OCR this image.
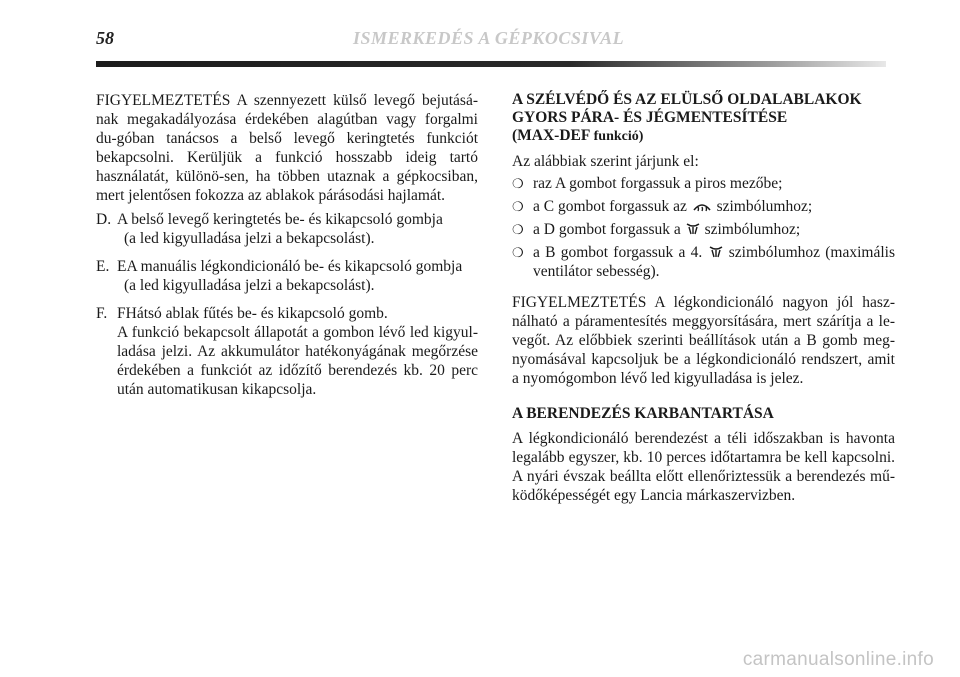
58	ISMERKEDÉS A GÉPKOCSIVAL

FIGYELMEZTETÉS A szennyezett külső levegő bejutásá-nak megakadályozása érdekében alagútban vagy forgalmi du-góban tanácsos a belső levegő keringtetés funkciót bekapcsolni. Kerüljük a funkció hosszabb ideig tartó használatát, különö-sen, ha többen utaznak a gépkocsiban, mert jelentősen fokozza az ablakok párásodási hajlamát.

D. A belső levegő keringtetés be- és kikapcsoló gombja
(a led kigyulladása jelzi a bekapcsolást).
E. EA manuális légkondicionáló be- és kikapcsoló gombja
(a led kigyulladása jelzi a bekapcsolást).
F. FHátsó ablak fűtés be- és kikapcsoló gomb.
A funkció bekapcsolt állapotát a gombon lévő led kigyul-ladása jelzi. Az akkumulátor hatékonyágának megőrzése érdekében a funkciót az időzítő berendezés kb. 20 perc után automatikusan kikapcsolja.
A SZÉLVÉDŐ ÉS AZ ELÜLSŐ OLDALABLAKOK
GYORS PÁRA- ÉS JÉGMENTESÍTÉSE
(MAX-DEF funkció)

Az alábbiak szerint járjunk el:

❍ raz A gombot forgassuk a piros mezőbe;
❍ a C gombot forgassuk az szimbólumhoz;
❍ a D gombot forgassuk a szimbólumhoz;
❍ a B gombot forgassuk a 4. szimbólumhoz (maximális ventilátor sebesség).

FIGYELMEZTETÉS A légkondicionáló nagyon jól hasz-nálható a páramentesítés meggyorsítására, mert szárítja a le-vegőt. Az előbbiek szerinti beállítások után a B gomb meg-nyomásával kapcsoljuk be a légkondicionáló rendszert, amit a nyomógombon lévő led kigyulladása is jelez.

A BERENDEZÉS KARBANTARTÁSA

A légkondicionáló berendezést a téli időszakban is havonta legalább egyszer, kb. 10 perces időtartamra be kell kapcsolni. A nyári évszak beállta előtt ellenőriztessük a berendezés mű-ködőképességét egy Lancia márkaszervizben.

carmanualsonline.info
